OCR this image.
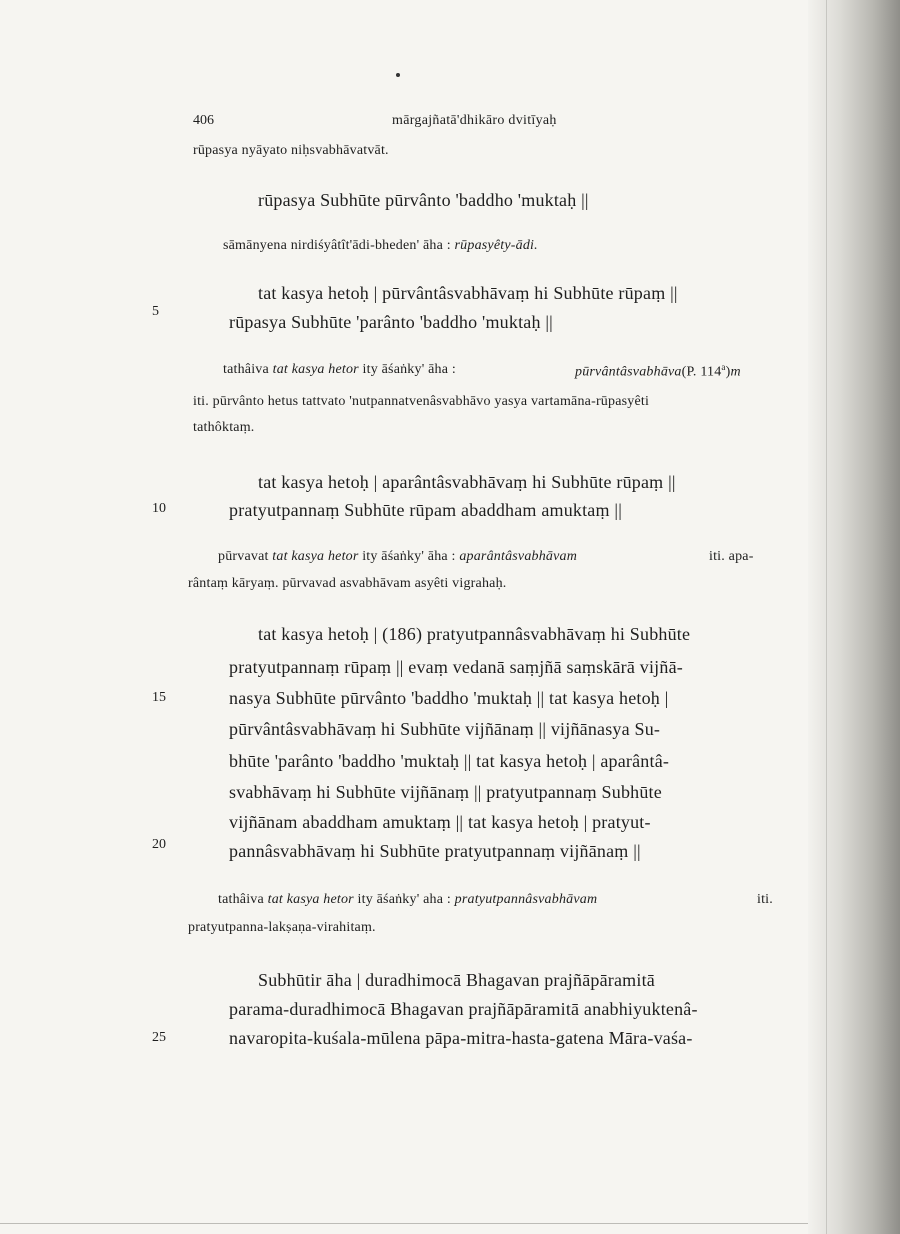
406	mārgajñatā'dhikāro dvitīyaḥ
5
10
15
20
25
rūpasya nyāyato niḥsvabhāvatvāt.
rūpasya Subhūte pūrvânto 'baddho 'muktaḥ ||
sāmānyena nirdiśyâtît'ādi-bheden' āha : rūpasyêty-ādi.
tat kasya hetoḥ | pūrvântâsvabhāvaṃ hi Subhūte rūpaṃ ||
rūpasya Subhūte 'parânto 'baddho 'muktaḥ ||
tathâiva tat kasya hetor ity āśaṅky' āha :	pūrvântâsvabhāva(P. 114$^a$)m
iti. pūrvânto hetus tattvato 'nutpannatvenâsvabhāvo yasya vartamāna-rūpasyêti
tathôktaṃ.
tat kasya hetoḥ | aparântâsvabhāvaṃ hi Subhūte rūpaṃ ||
pratyutpannaṃ Subhūte rūpam abaddham amuktaṃ ||
pūrvavat tat kasya hetor ity āśaṅky' āha : aparântâsvabhāvam	iti. apa-
rântaṃ kāryaṃ. pūrvavad asvabhāvam asyêti vigrahaḥ.
tat kasya hetoḥ | (186) pratyutpannâsvabhāvaṃ hi Subhūte
pratyutpannaṃ rūpaṃ || evaṃ vedanā saṃjñā saṃskārā vijñā-
nasya Subhūte pūrvânto 'baddho 'muktaḥ || tat kasya hetoḥ |
pūrvântâsvabhāvaṃ hi Subhūte vijñānaṃ || vijñānasya Su-
bhūte 'parânto 'baddho 'muktaḥ || tat kasya hetoḥ | aparântâ-
svabhāvaṃ hi Subhūte vijñānaṃ || pratyutpannaṃ Subhūte
vijñānam abaddham amuktaṃ || tat kasya hetoḥ | pratyut-
pannâsvabhāvaṃ hi Subhūte pratyutpannaṃ vijñānaṃ ||
tathâiva tat kasya hetor ity āśaṅky' aha : pratyutpannâsvabhāvam	iti.
pratyutpanna-lakṣaṇa-virahitaṃ.
Subhūtir āha | duradhimocā Bhagavan prajñāpāramitā
parama-duradhimocā Bhagavan prajñāpāramitā anabhiyuktenâ-
navaropita-kuśala-mūlena pāpa-mitra-hasta-gatena Māra-vaśa-
